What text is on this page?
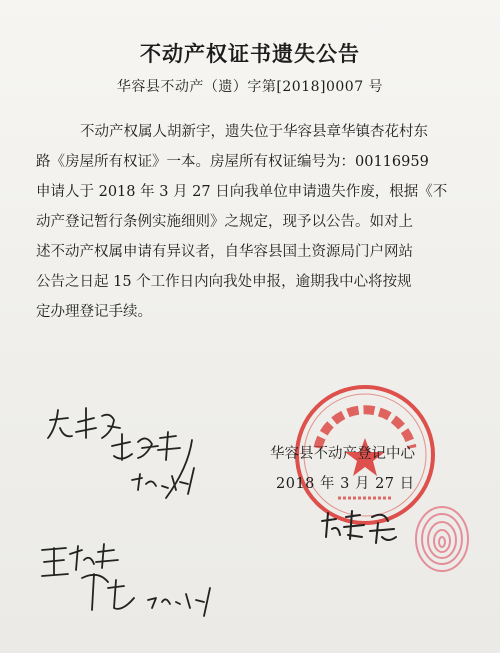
不动产权证书遗失公告
华容县不动产（遗）字第[2018]0007 号

不动产权属人胡新宇，遗失位于华容县章华镇杏花村东

路《房屋所有权证》一本。房屋所有权证编号为：00116959

申请人于 2018 年 3 月 27 日向我单位申请遗失作废，根据《不

动产登记暂行条例实施细则》之规定，现予以公告。如对上

述不动产权属申请有异议者，自华容县国土资源局门户网站

公告之日起 15 个工作日内向我处申报，逾期我中心将按规

定办理登记手续。

华容县不动产登记中心
2018 年 3 月 27 日
